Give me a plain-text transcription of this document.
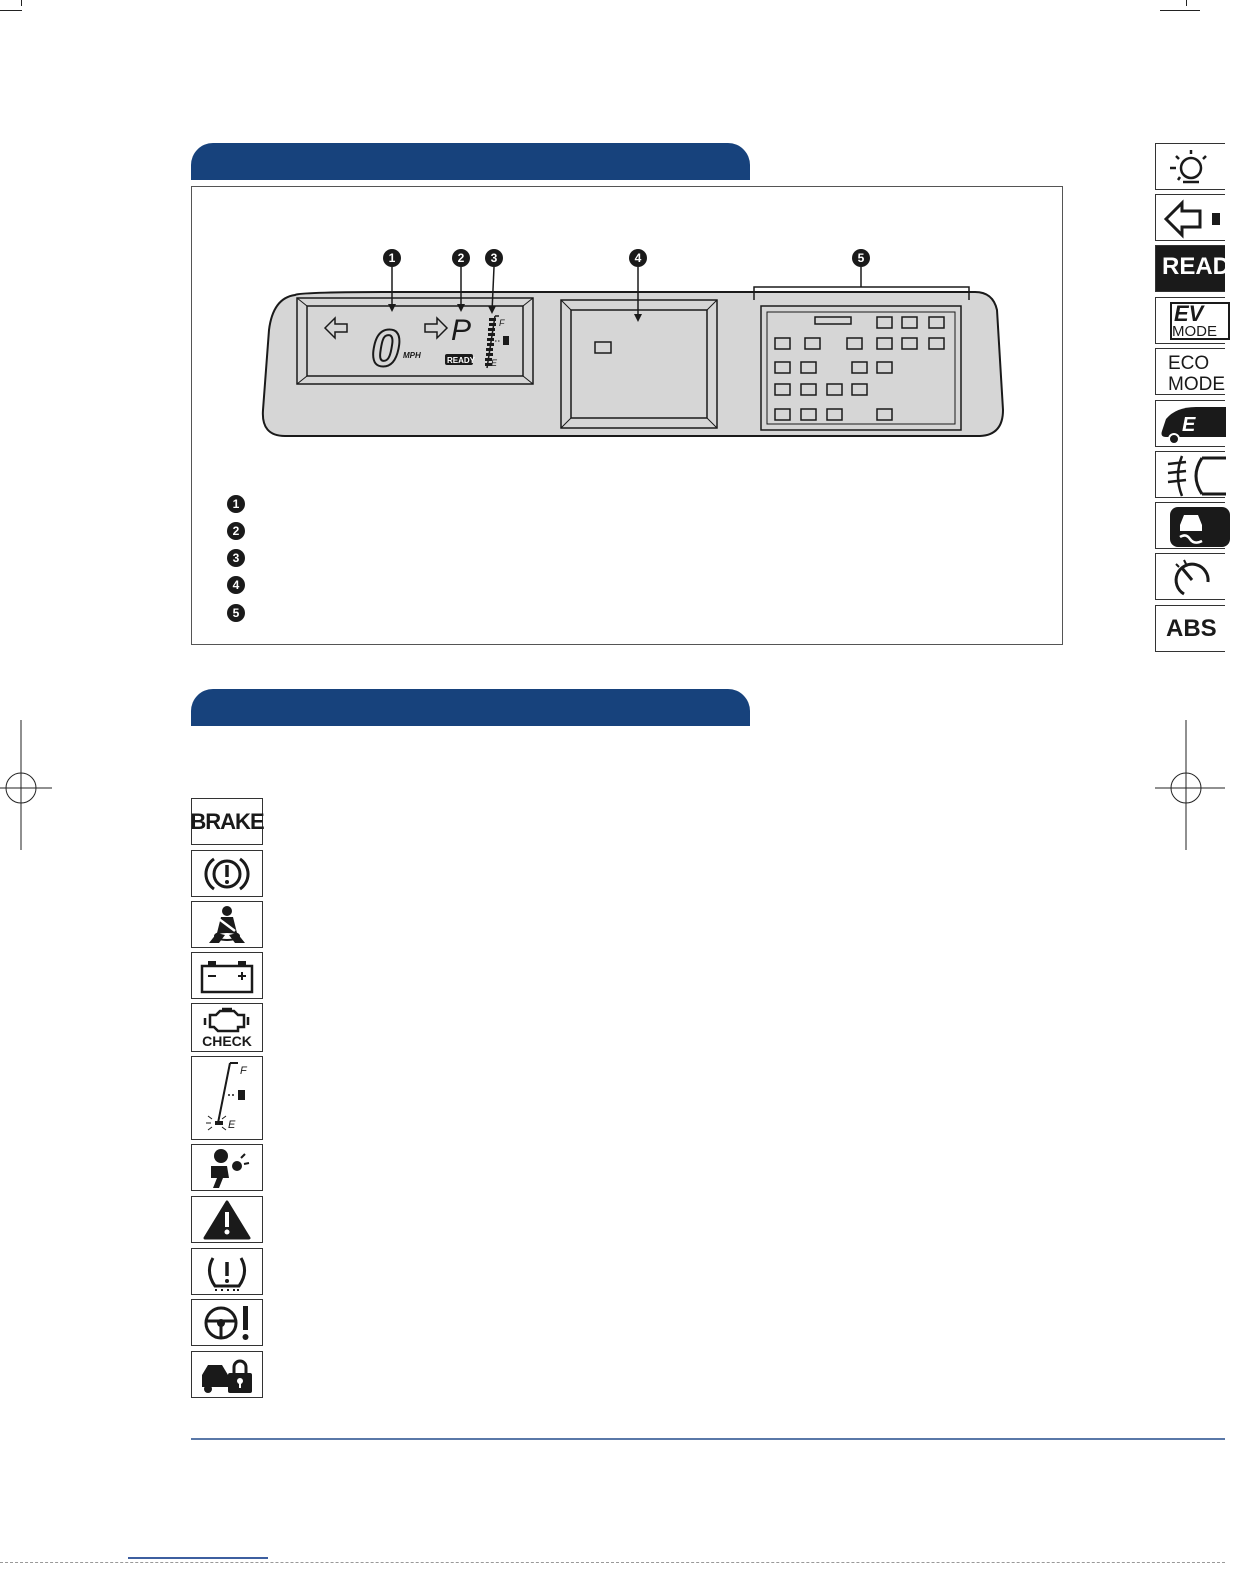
0 MPH
P
READY
F
E
1	2 3	4	5
1
2
3
4
5
BRAKE
CHECK
F
E
READY
EV
MODE
ECO
MODE
E
ABS
